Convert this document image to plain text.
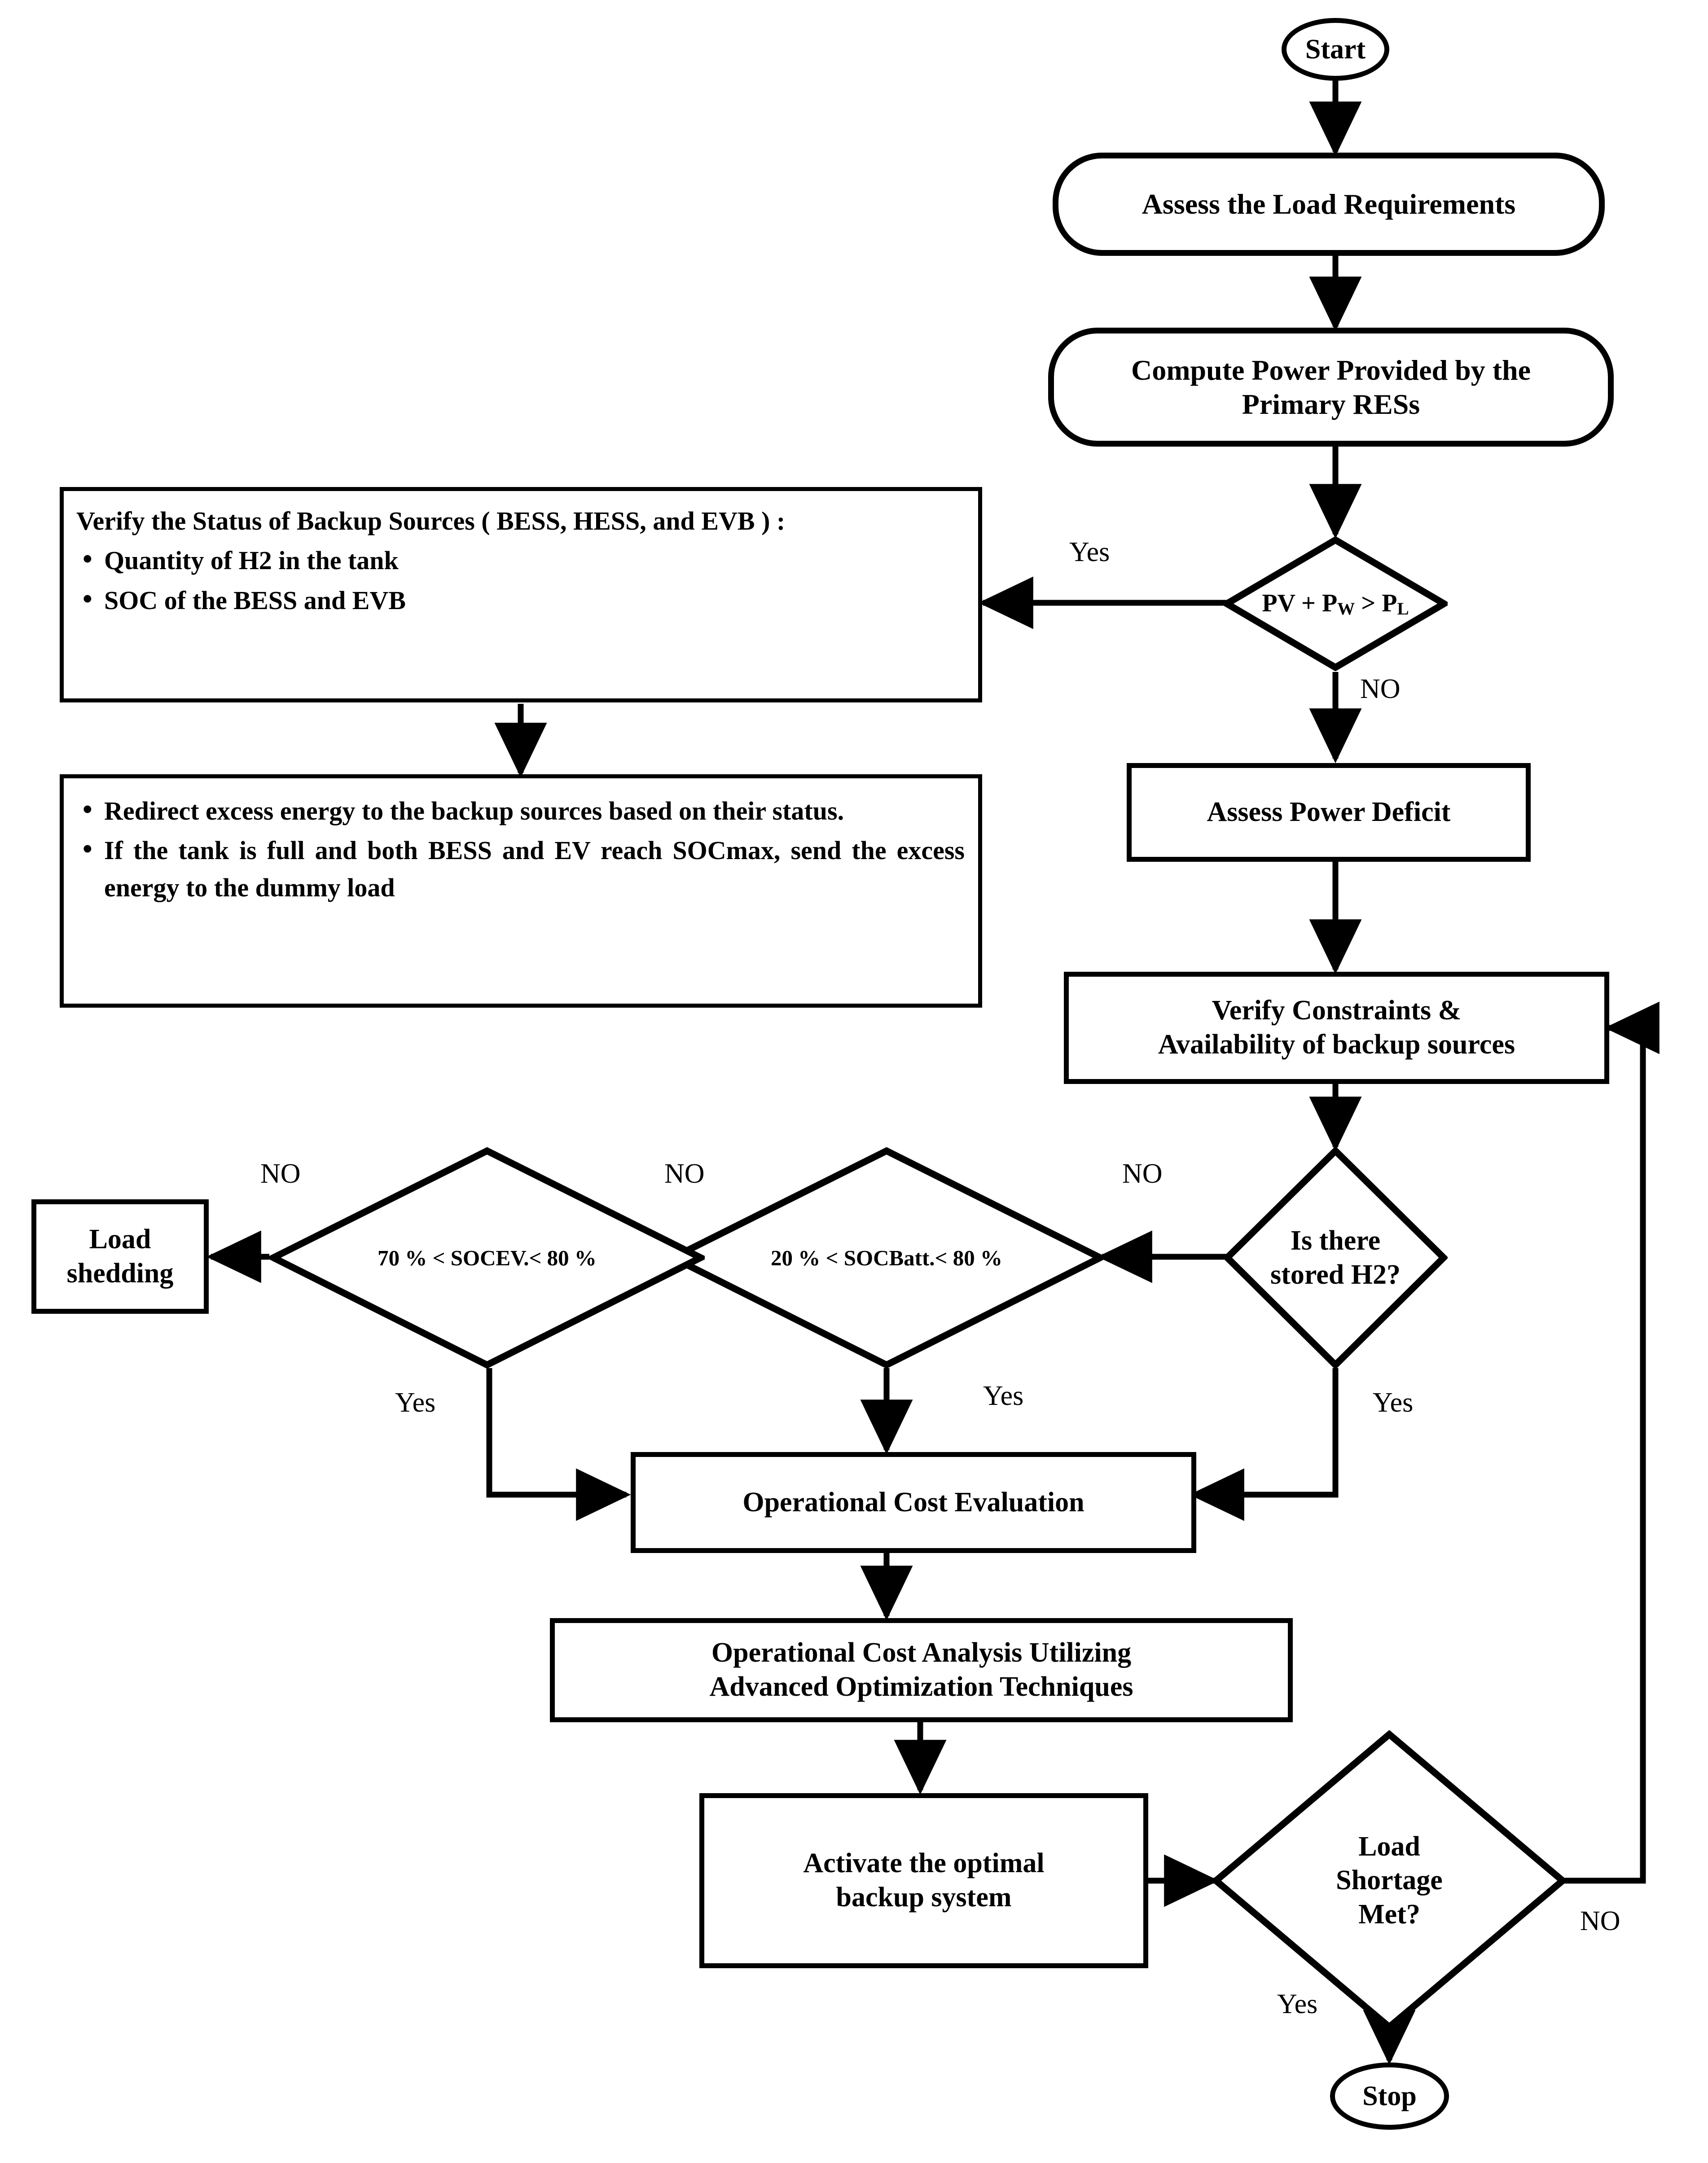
Start
Assess the Load Requirements
Compute Power Provided by the
Primary RESs
PV + $P_W > P_L$
Verify the Status of Backup Sources ( BESS, HESS, and EVB ) :
• Quantity of H2 in the tank
• SOC of the BESS and EVB
• Redirect excess energy to the backup sources based on their status.
• If the tank is full and both BESS and EV reach SOCmax, send the excess energy to the dummy load
Assess Power Deficit
Verify Constraints &
Availability of backup sources
Is there
stored H2?
20 % < SOCBatt.< 80 %
70 % < SOCEV.< 80 %
Load
shedding
Operational Cost Evaluation
Operational Cost Analysis Utilizing
Advanced Optimization Techniques
Activate the optimal
backup system
Load
Shortage
Met?
Stop
Yes
NO
NO
Yes
NO
Yes
NO
Yes
NO
Yes
